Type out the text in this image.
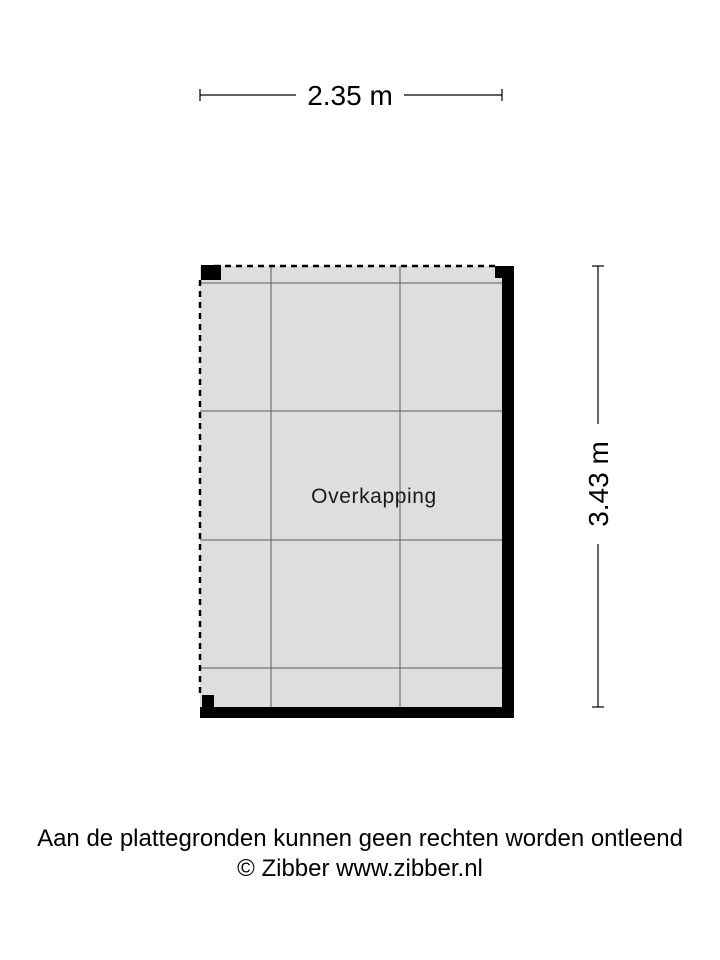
Overkapping
2.35 m
3.43 m
Aan de plattegronden kunnen geen rechten worden ontleend
© Zibber www.zibber.nl
